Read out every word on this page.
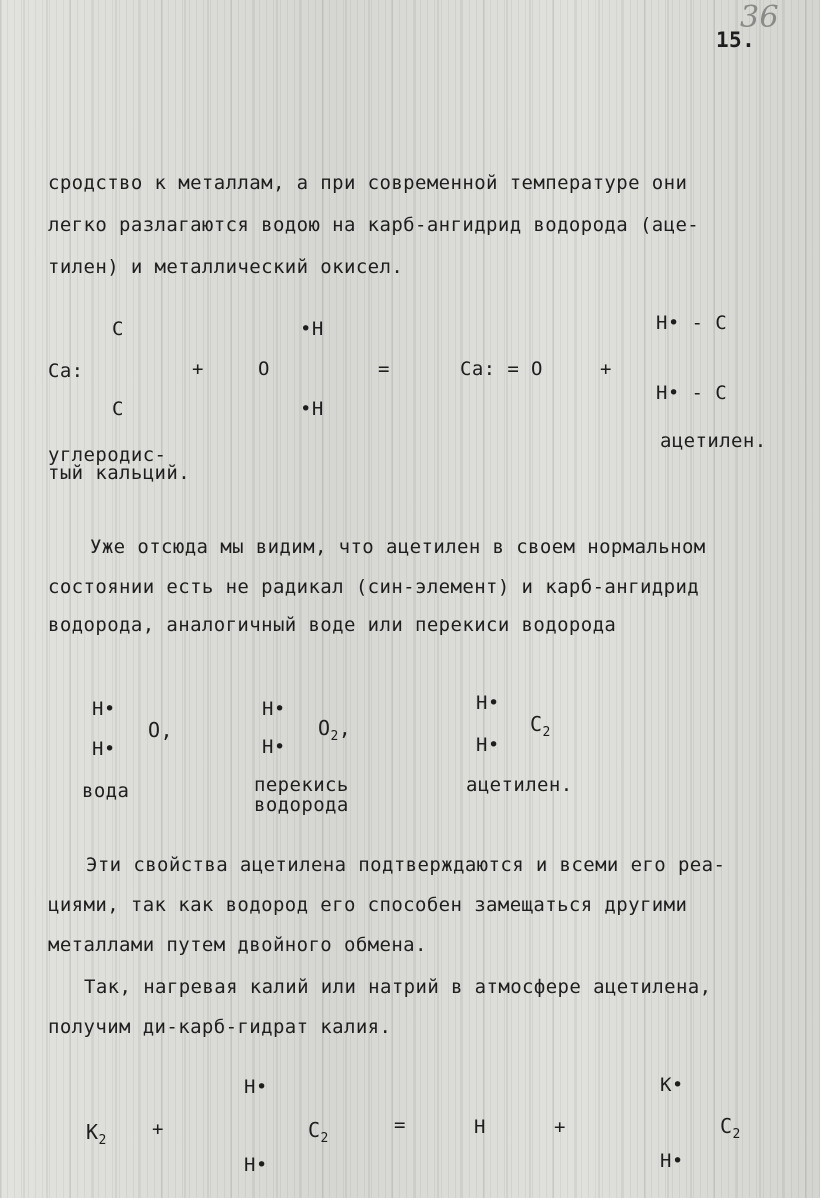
15.
36
сродство к металлам, а при современной температуре они
легко разлагаются водою на карб-ангидрид водорода (аце-
тилен) и металлический окисел.
C
Ca:
C
+
•H
O
•H
=	Ca: = O	+
H• - C
H• - C
углеродис-
тый кальций.
ацетилен.
Уже отсюда мы видим, что ацетилен в своем нормальном
состоянии есть не радикал (син-элемент) и карб-ангидрид
водорода, аналогичный воде или перекиси водорода
H•
H•
O,
вода
H•
H•
$O_2$,
перекись
водорода
H•
H•
$C_2$
ацетилен.
Эти свойства ацетилена подтверждаются и всеми его реа-
циями, так как водород его способен замещаться другими
металлами путем двойного обмена.
Так, нагревая калий или натрий в атмосфере ацетилена,
получим ди-карб-гидрат калия.
$K_2$
+
H•
H•
$C_2$
=	H	+
K•
H•
$C_2$
